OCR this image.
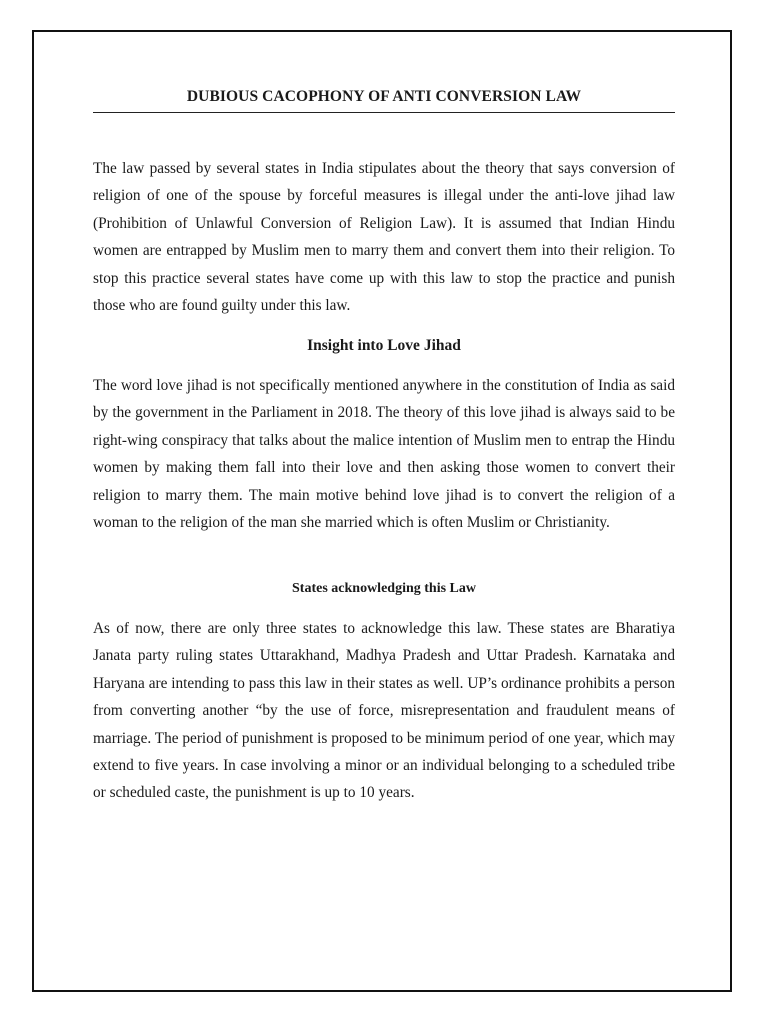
DUBIOUS CACOPHONY OF ANTI CONVERSION LAW

The law passed by several states in India stipulates about the theory that says conversion of religion of one of the spouse by forceful measures is illegal under the anti-love jihad law (Prohibition of Unlawful Conversion of Religion Law). It is assumed that Indian Hindu women are entrapped by Muslim men to marry them and convert them into their religion. To stop this practice several states have come up with this law to stop the practice and punish those who are found guilty under this law.

Insight into Love Jihad

The word love jihad is not specifically mentioned anywhere in the constitution of India as said by the government in the Parliament in 2018. The theory of this love jihad is always said to be right-wing conspiracy that talks about the malice intention of Muslim men to entrap the Hindu women by making them fall into their love and then asking those women to convert their religion to marry them. The main motive behind love jihad is to convert the religion of a woman to the religion of the man she married which is often Muslim or Christianity.

States acknowledging this Law

As of now, there are only three states to acknowledge this law. These states are Bharatiya Janata party ruling states Uttarakhand, Madhya Pradesh and Uttar Pradesh. Karnataka and Haryana are intending to pass this law in their states as well. UP’s ordinance prohibits a person from converting another “by the use of force, misrepresentation and fraudulent means of marriage. The period of punishment is proposed to be minimum period of one year, which may extend to five years. In case involving a minor or an individual belonging to a scheduled tribe or scheduled caste, the punishment is up to 10 years.
